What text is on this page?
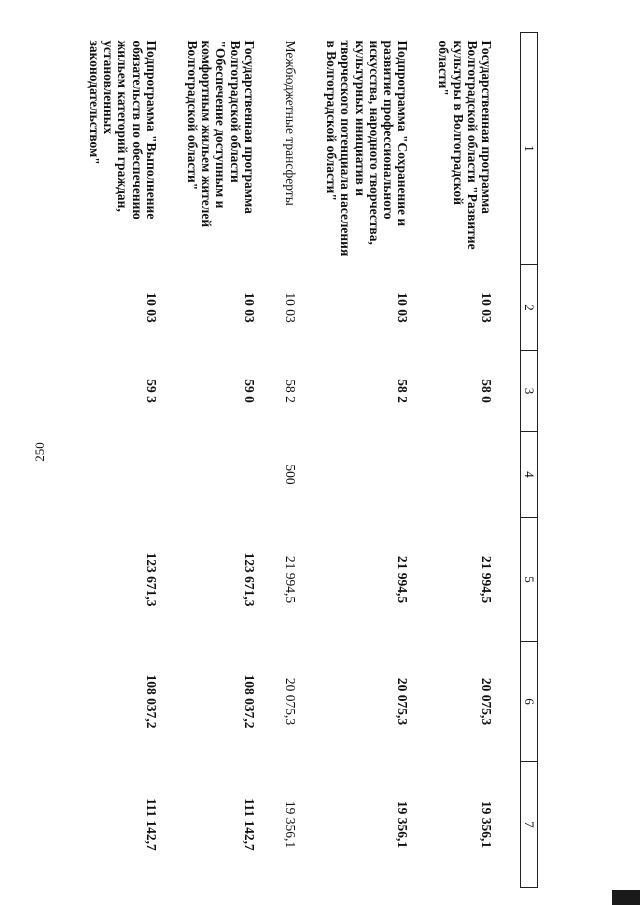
250
1	2	3	4	5	6	7
Государственная программа Волгоградской области "Развитие культуры в Волгоградской области"	10 03	58 0		21 994,5	20 075,3	19 356,1
Подпрограмма "Сохранение и развитие профессионального искусства, народного творчества, культурных инициатив и творческого потенциала населения в Волгоградской области"	10 03	58 2		21 994,5	20 075,3	19 356,1
Межбюджетные трансферты	10 03	58 2	500	21 994,5	20 075,3	19 356,1
Государственная программа Волгоградской области "Обеспечение доступным и комфортным жильем жителей Волгоградской области"	10 03	59 0		123 671,3	108 037,2	111 142,7
Подпрограмма "Выполнение обязательств по обеспечению жильем категорий граждан, установленных законодательством"	10 03	59 3		123 671,3	108 037,2	111 142,7
